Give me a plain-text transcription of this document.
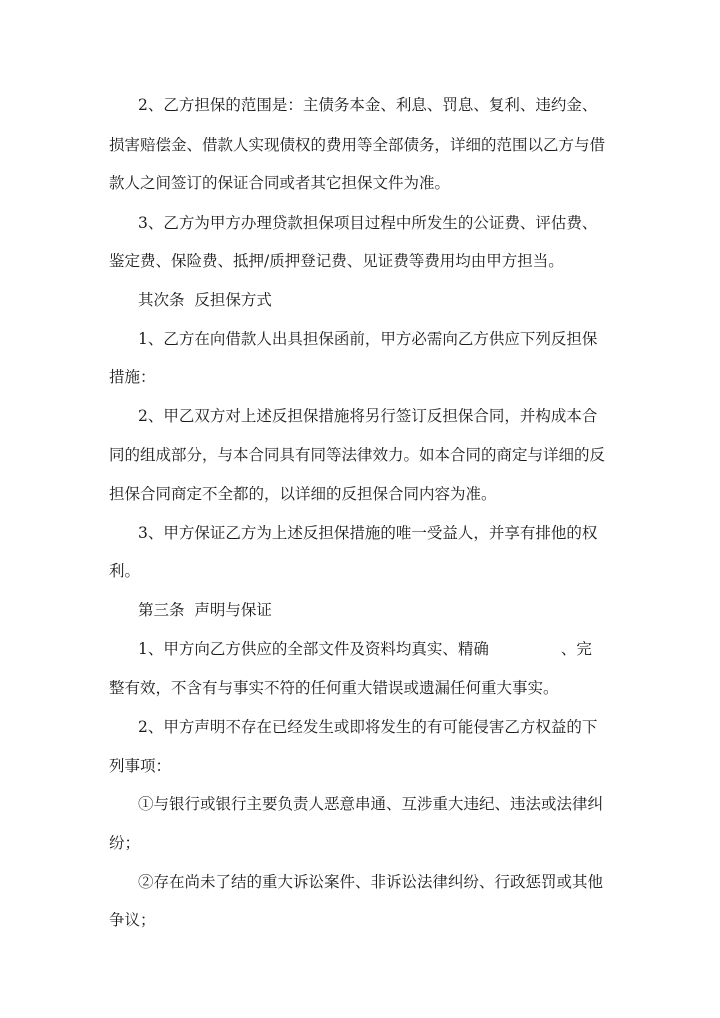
2、乙方担保的范围是：主债务本金、利息、罚息、复利、违约金、
损害赔偿金、借款人实现债权的费用等全部债务，详细的范围以乙方与借
款人之间签订的保证合同或者其它担保文件为准。
3、乙方为甲方办理贷款担保项目过程中所发生的公证费、评估费、
鉴定费、保险费、抵押/质押登记费、见证费等费用均由甲方担当。
其次条  反担保方式
1、乙方在向借款人出具担保函前，甲方必需向乙方供应下列反担保
措施：
2、甲乙双方对上述反担保措施将另行签订反担保合同，并构成本合
同的组成部分，与本合同具有同等法律效力。如本合同的商定与详细的反
担保合同商定不全都的，以详细的反担保合同内容为准。
3、甲方保证乙方为上述反担保措施的唯一受益人，并享有排他的权
利。
第三条  声明与保证
1、甲方向乙方供应的全部文件及资料均真实、精确	、完
整有效，不含有与事实不符的任何重大错误或遗漏任何重大事实。
2、甲方声明不存在已经发生或即将发生的有可能侵害乙方权益的下
列事项：
①与银行或银行主要负责人恶意串通、互涉重大违纪、违法或法律纠
纷；
②存在尚未了结的重大诉讼案件、非诉讼法律纠纷、行政惩罚或其他
争议；
